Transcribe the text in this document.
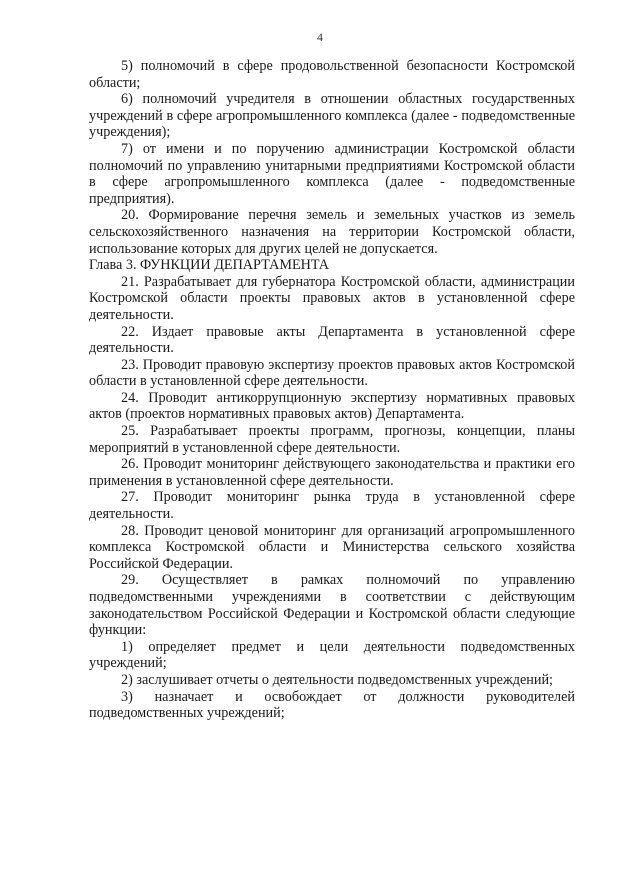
4

5) полномочий в сфере продовольственной безопасности Костромской области;

6) полномочий учредителя в отношении областных государственных учреждений в сфере агропромышленного комплекса (далее - подведомственные учреждения);

7) от имени и по поручению администрации Костромской области полномочий по управлению унитарными предприятиями Костромской области в сфере агропромышленного комплекса (далее - подведомственные предприятия).

20. Формирование перечня земель и земельных участков из земель сельскохозяйственного назначения на территории Костромской области, использование которых для других целей не допускается.

Глава 3. ФУНКЦИИ ДЕПАРТАМЕНТА

21. Разрабатывает для губернатора Костромской области, администрации Костромской области проекты правовых актов в установленной сфере деятельности.

22. Издает правовые акты Департамента в установленной сфере деятельности.

23. Проводит правовую экспертизу проектов правовых актов Костромской области в установленной сфере деятельности.

24. Проводит антикоррупционную экспертизу нормативных правовых актов (проектов нормативных правовых актов) Департамента.

25. Разрабатывает проекты программ, прогнозы, концепции, планы мероприятий в установленной сфере деятельности.

26. Проводит мониторинг действующего законодательства и практики его применения в установленной сфере деятельности.

27. Проводит мониторинг рынка труда в установленной сфере деятельности.

28. Проводит ценовой мониторинг для организаций агропромышленного комплекса Костромской области и Министерства сельского хозяйства Российской Федерации.

29. Осуществляет в рамках полномочий по управлению подведомственными учреждениями в соответствии с действующим законодательством Российской Федерации и Костромской области следующие функции:

1) определяет предмет и цели деятельности подведомственных учреждений;

2) заслушивает отчеты о деятельности подведомственных учреждений;

3) назначает и освобождает от должности руководителей подведомственных учреждений;
